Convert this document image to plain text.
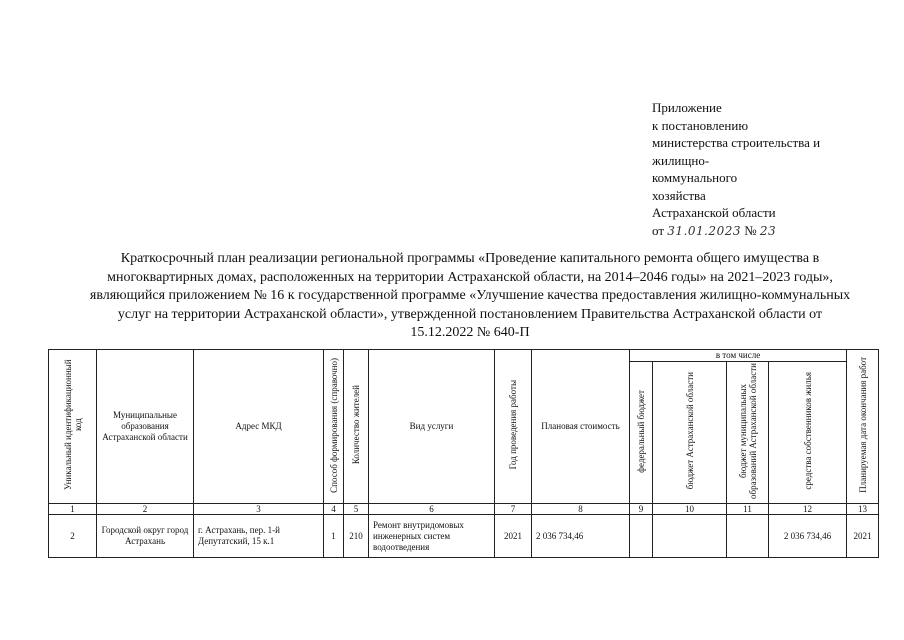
Приложение
к постановлению
министерства строительства и
жилищно-
коммунального
хозяйства
Астраханской области
от 31.01.2023 № 23
Краткосрочный план реализации региональной программы «Проведение капитального ремонта общего имущества в
многоквартирных домах, расположенных на территории Астраханской области, на 2014–2046 годы» на 2021–2023 годы»,
являющийся приложением № 16 к государственной программе «Улучшение качества предоставления жилищно-коммунальных
услуг на территории Астраханской области», утвержденной постановлением Правительства Астраханской области от
15.12.2022 № 640-П
Уникальный идентификационный код	Муниципальные образования Астраханской области	Адрес МКД	Способ формирования (справочно)	Количество жителей	Вид услуги	Год проведения работы	Плановая стоимость	в том числе				Планируемая дата окончания работ
								федеральный бюджет	бюджет Астраханской области	бюджет муниципальных образований Астраханской области	средства собственников жилья	
1	2	3	4	5	6	7	8	9	10	11	12	13
2	Городской округ город Астрахань	г. Астрахань, пер. 1-й Депутатский, 15 к.1	1	210	Ремонт внутридомовых инженерных систем водоотведения	2021	2 036 734,46				2 036 734,46	2021
